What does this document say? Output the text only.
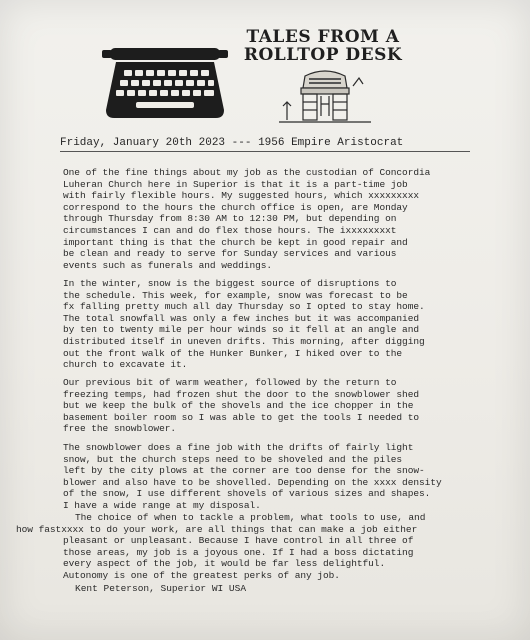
TALES FROM A
ROLLTOP DESK
Friday, January 20th 2023 --- 1956 Empire Aristocrat
One of the fine things about my job as the custodian of Concordia
Luheran Church here in Superior is that it is a part-time job
with fairly flexible hours. My suggested hours, which xxxxxxxxx
correspond to the hours the church office is open, are Monday
through Thursday from 8:30 AM to 12:30 PM, but depending on
circumstances I can and do flex those hours. The ixxxxxxxxt
important thing is that the church be kept in good repair and
be clean and ready to serve for Sunday services and various
events such as funerals and weddings.
In the winter, snow is the biggest source of disruptions to
the schedule. This week, for example, snow was forecast to be
fx falling pretty much all day Thursday so I opted to stay home.
The total snowfall was only a few inches but it was accompanied
by ten to twenty mile per hour winds so it fell at an angle and
distributed itself in uneven drifts. This morning, after digging
out the front walk of the Hunker Bunker, I hiked over to the
church to excavate it.
Our previous bit of warm weather, followed by the return to
freezing temps, had frozen shut the door to the snowblower shed
but we keep the bulk of the shovels and the ice chopper in the
basement boiler room so I was able to get the tools I needed to
free the snowblower.
The snowblower does a fine job with the drifts of fairly light
snow, but the church steps need to be shoveled and the piles
left by the city plows at the corner are too dense for the snow-
blower and also have to be shovelled. Depending on the xxxx density
of the snow, I use different shovels of various sizes and shapes.
I have a wide range at my disposal.
The choice of when to tackle a problem, what tools to use, and
how fastxxxx to do your work, are all things that can make a job either
pleasant or unpleasant. Because I have control in all three of
those areas, my job is a joyous one. If I had a boss dictating
every aspect of the job, it would be far less delightful.
Autonomy is one of the greatest perks of any job.
Kent Peterson, Superior WI USA
